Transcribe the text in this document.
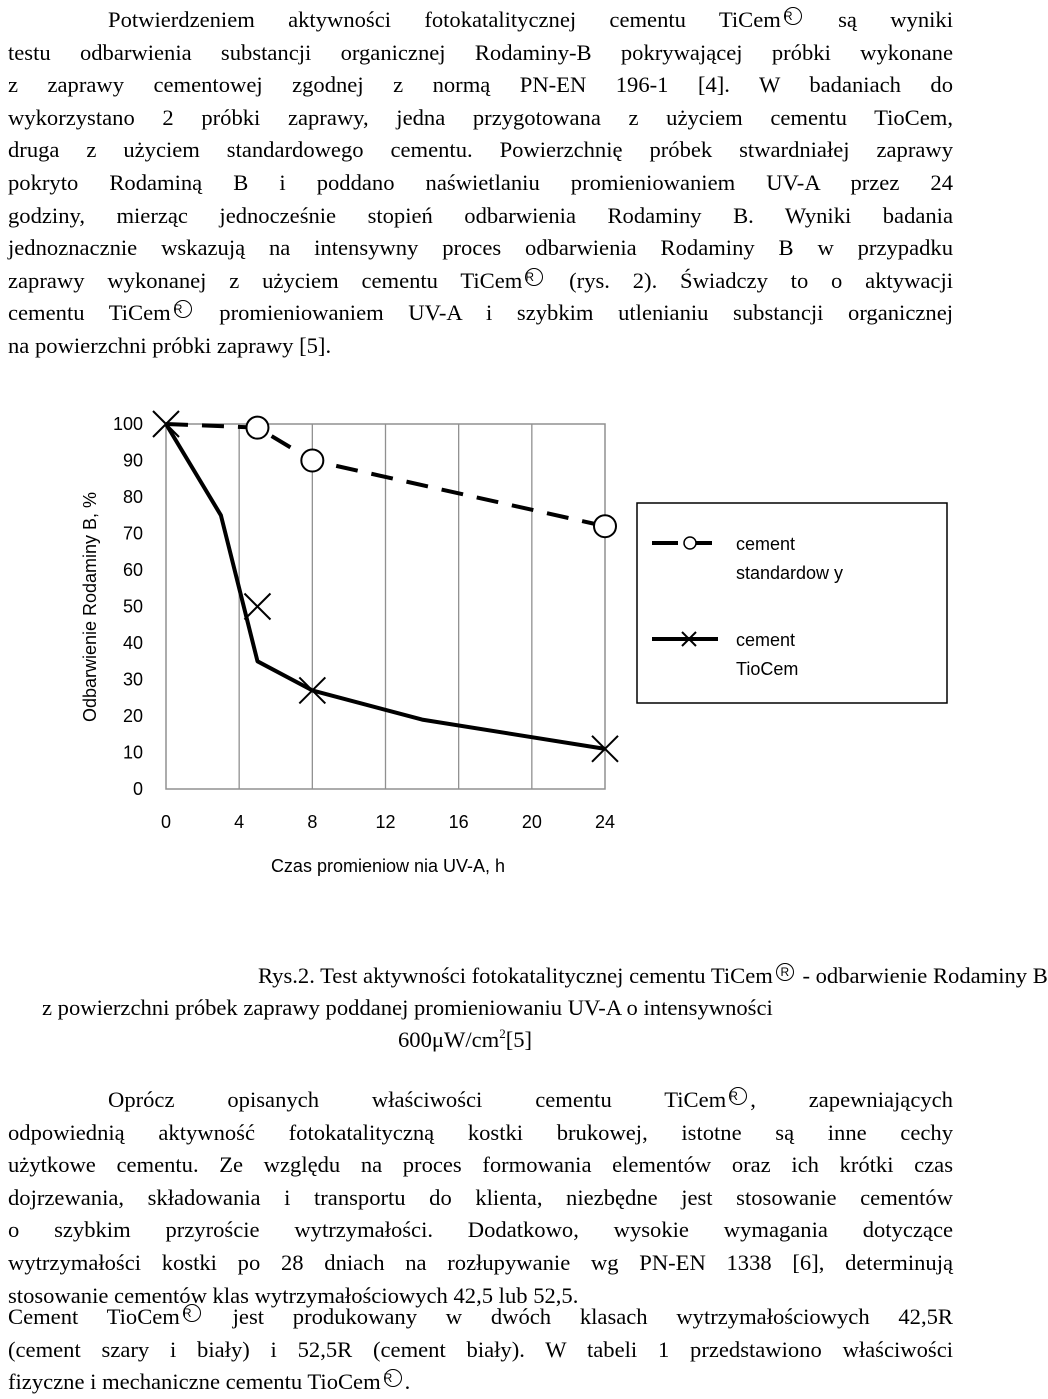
Potwierdzeniem aktywności fotokatalitycznej cementu TiCemR są wyniki
testu odbarwienia substancji organicznej Rodaminy-B pokrywającej próbki wykonane
z zaprawy cementowej zgodnej z normą PN-EN 196-1 [4]. W badaniach do
wykorzystano 2 próbki zaprawy, jedna przygotowana z użyciem cementu TioCem,
druga z użyciem standardowego cementu. Powierzchnię próbek stwardniałej zaprawy
pokryto Rodaminą B i poddano naświetlaniu promieniowaniem UV-A przez 24
godziny, mierząc jednocześnie stopień odbarwienia Rodaminy B. Wyniki badania
jednoznacznie wskazują na intensywny proces odbarwienia Rodaminy B w przypadku
zaprawy wykonanej z użyciem cementu TiCemR (rys. 2). Świadczy to o aktywacji
cementu TiCemR promieniowaniem UV-A i szybkim utlenianiu substancji organicznej
na powierzchni próbki zaprawy [5].
0
10
20
30
40
50
60
70
80
90
100
0	4	8	12	16	20	24
Czas promieniow nia UV-A, h
Odbarwienie Rodaminy B, %	cement
standardow y
cement
TioCem
Rys.2. Test aktywności fotokatalitycznej cementu TiCemR - odbarwienie Rodaminy B
z powierzchni próbek zaprawy poddanej promieniowaniu UV-A o intensywności
$600\mu W/cm^2[5]$
Oprócz opisanych właściwości cementu TiCem R , zapewniających
odpowiednią aktywność fotokatalityczną kostki brukowej, istotne są inne cechy
użytkowe cementu. Ze względu na proces formowania elementów oraz ich krótki czas
dojrzewania, składowania i transportu do klienta, niezbędne jest stosowanie cementów
o szybkim przyroście wytrzymałości. Dodatkowo, wysokie wymagania dotyczące
wytrzymałości kostki po 28 dniach na rozłupywanie wg PN-EN 1338 [6], determinują
stosowanie cementów klas wytrzymałościowych 42,5 lub 52,5.
Cement TioCemR jest produkowany w dwóch klasach wytrzymałościowych 42,5R
(cement szary i biały) i 52,5R (cement biały). W tabeli 1 przedstawiono właściwości
fizyczne i mechaniczne cementu TioCem R .
